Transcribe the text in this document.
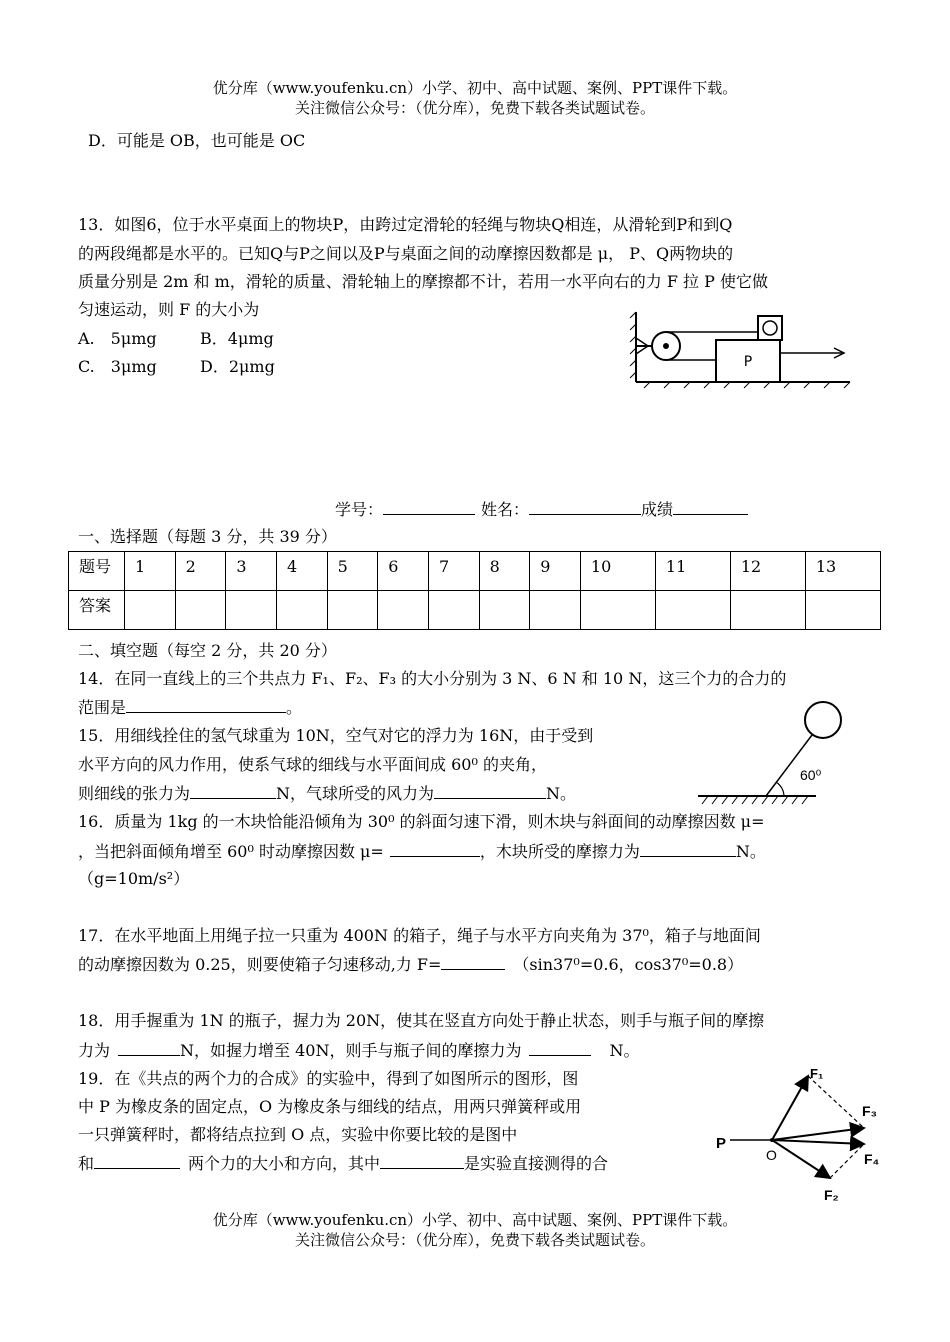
优分库（www.youfenku.cn）小学、初中、高中试题、案例、PPT课件下载。
关注微信公众号：（优分库），免费下载各类试题试卷。
D．可能是 OB，也可能是 OC
13．如图6，位于水平桌面上的物块P，由跨过定滑轮的轻绳与物块Q相连，从滑轮到P和到Q
的两段绳都是水平的。已知Q与P之间以及P与桌面之间的动摩擦因数都是 μ， P、Q两物块的
质量分别是 2m 和 m，滑轮的质量、滑轮轴上的摩擦都不计，若用一水平向右的力 F 拉 P 使它做
匀速运动，则 F 的大小为
A.　5μmg	B．4μmg
C.　3μmg	D．2μmg	P
学号：	姓名：	成绩
一、选择题（每题 3 分，共 39 分）
题号	1	2	3	4	5	6	7	8	9	10	11	12	13
答案													
二、填空题（每空 2 分，共 20 分）
14．在同一直线上的三个共点力 F₁、F₂、F₃ 的大小分别为 3 N、6 N 和 10 N，这三个力的合力的
范围是	。
15．用细线拴住的氢气球重为 10N，空气对它的浮力为 16N，由于受到
水平方向的风力作用，使系气球的细线与水平面间成 60⁰ 的夹角，
则细线的张力为	N，气球所受的风力为	N。
60⁰
16．质量为 1kg 的一木块恰能沿倾角为 30⁰ 的斜面匀速下滑，则木块与斜面间的动摩擦因数 μ=
，当把斜面倾角增至 60⁰ 时动摩擦因数 μ=	，木块所受的摩擦力为	N。
（g=10m/s²）
17．在水平地面上用绳子拉一只重为 400N 的箱子，绳子与水平方向夹角为 37⁰，箱子与地面间
的动摩擦因数为 0.25，则要使箱子匀速移动,力 F=	（sin37⁰=0.6，cos37⁰=0.8）
18．用手握重为 1N 的瓶子，握力为 20N，使其在竖直方向处于静止状态，则手与瓶子间的摩擦
力为	N，如握力增至 40N，则手与瓶子间的摩擦力为	N。
19．在《共点的两个力的合成》的实验中，得到了如图所示的图形，图
中 P 为橡皮条的固定点，O 为橡皮条与细线的结点，用两只弹簧秤或用
一只弹簧秤时，都将结点拉到 O 点，实验中你要比较的是图中
和	两个力的大小和方向，其中	是实验直接测得的合
P
O
F₁
F₃
F₄
F₂
优分库（www.youfenku.cn）小学、初中、高中试题、案例、PPT课件下载。
关注微信公众号：（优分库），免费下载各类试题试卷。
